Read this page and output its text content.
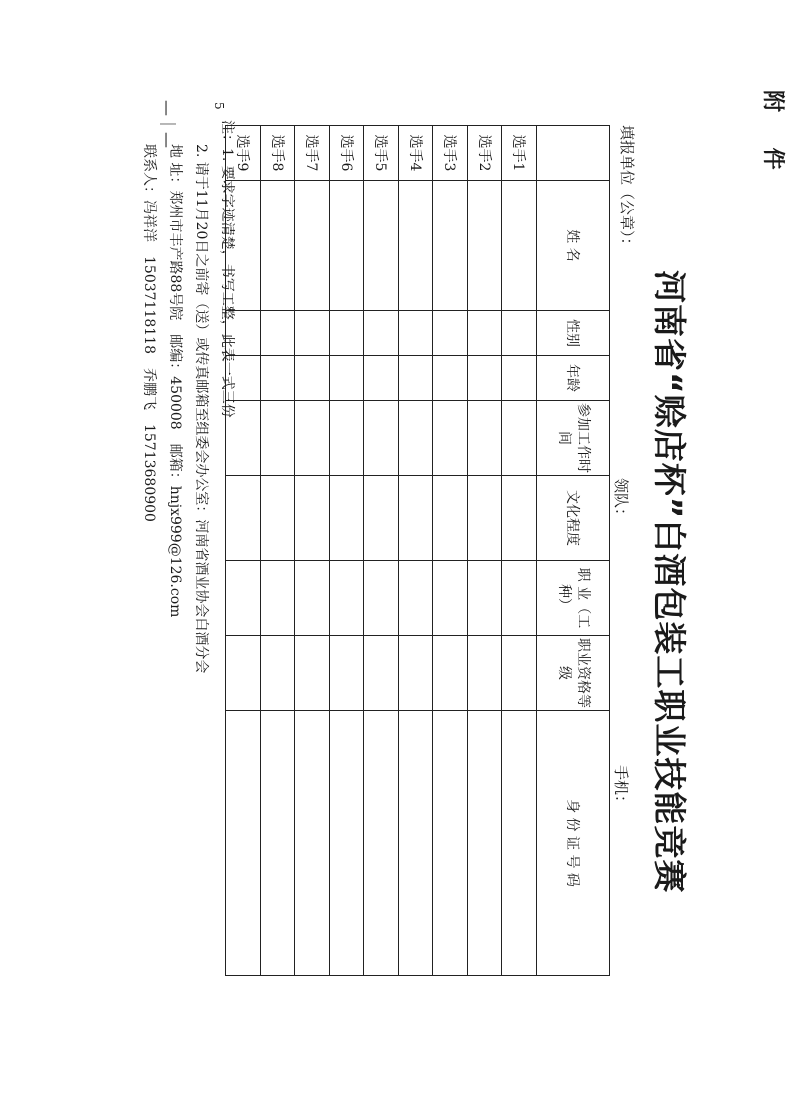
附 件
河南省“赊店杯”白酒包装工职业技能竞赛
填报单位（公章）：
领队：
手机：
	姓 名	性别	年龄	参加工作时间	文化程度	职 业（工种）	职业资格等级	身 份 证 号 码
选手1								
选手2								
选手3								
选手4								
选手5								
选手6								
选手7								
选手8								
选手9								
5
—｜—	注：1. 要求字迹清楚，书写工整，此表一式三份
2. 请于11月20日之前寄（送）或传真邮箱至组委会办公室：河南省酒业协会白酒分会
地 址：郑州市丰产路88号院　邮编：450008　邮箱：hnjx999@126.com
联系人：冯祥洋　15037118118　乔鹏飞　15713680900
